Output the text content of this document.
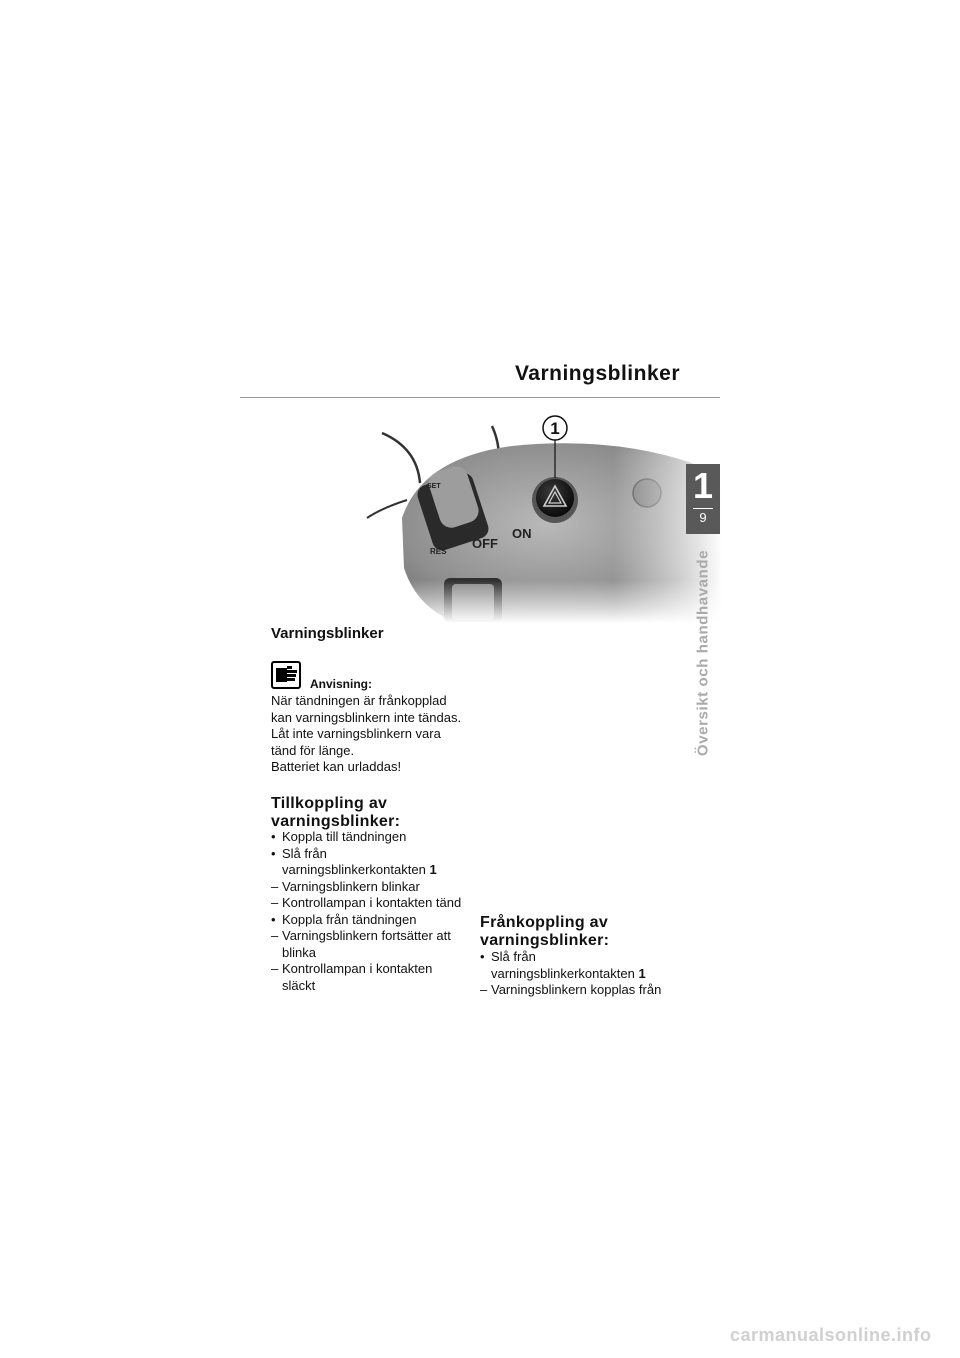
Varningsblinker
1
9
Översikt och handhavande
Varningsblinker
Anvisning:
När tändningen är frånkopplad
kan varningsblinkern inte tändas.
Låt inte varningsblinkern vara
tänd för länge.
Batteriet kan urladdas!
Tillkoppling av
varningsblinker:
• Koppla till tändningen
• Slå från
varningsblinkerkontakten 1
– Varningsblinkern blinkar
– Kontrollampan i kontakten tänd
• Koppla från tändningen
– Varningsblinkern fortsätter att
blinka
– Kontrollampan i kontakten
släckt
Frånkoppling av
varningsblinker:
• Slå från
varningsblinkerkontakten 1
– Varningsblinkern kopplas från
carmanualsonline.info
